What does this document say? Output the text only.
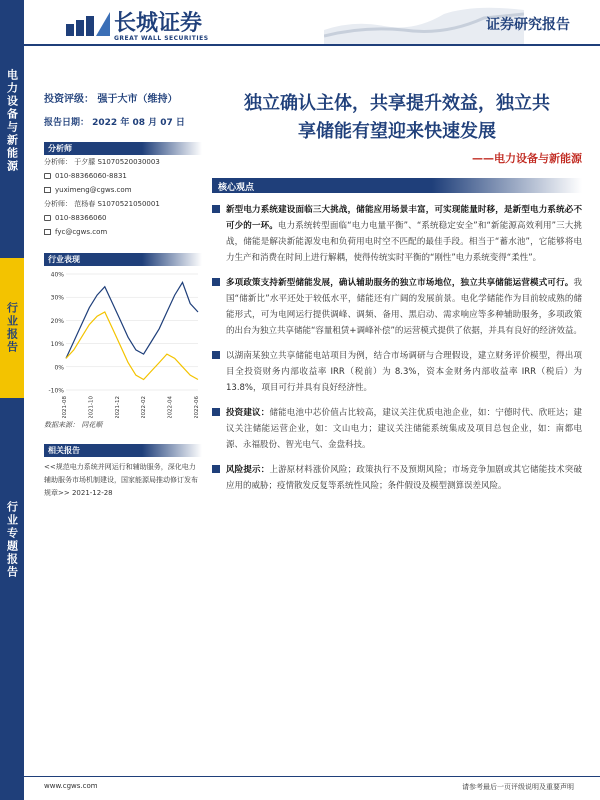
电力设备与新能源
行业报告
行业专题报告
长城证券
GREAT WALL SECURITIES
证券研究报告
投资评级： 强于大市（维持）
报告日期： 2022 年 08 月 07 日
分析师
分析师： 于夕朦 S1070520030003
010-88366060-8831
yuximeng@cgws.com
分析师： 范杨春 S1070521050001
010-88366060
fyc@cgws.com
行业表现
40%
30%
20%
10%
0%
-10%
2021-08	2021-10	2021-12	2022-02	2022-04	2022-06
数据来源： 同花顺
相关报告
<<规范电力系统并网运行和辅助服务，深化电力辅助服务市场机制建设，国家能源局推动修订发布规章>> 2021-12-28
独立确认主体，共享提升效益，独立共
享储能有望迎来快速发展
——电力设备与新能源
核心观点
新型电力系统建设面临三大挑战，储能应用场景丰富，可实现能量时移，是新型电力系统必不可少的一环。电力系统转型面临“电力电量平衡”、“系统稳定安全”和“新能源高效利用”三大挑战，储能是解决新能源发电和负荷用电时空不匹配的最佳手段。相当于“蓄水池”，它能够将电力生产和消费在时间上进行解耦，使得传统实时平衡的“刚性”电力系统变得“柔性”。
多项政策支持新型储能发展，确认辅助服务的独立市场地位，独立共享储能运营模式可行。我国“储新比”水平还处于较低水平，储能还有广阔的发展前景。电化学储能作为目前较成熟的储能形式，可为电网运行提供调峰、调频、备用、黑启动、需求响应等多种辅助服务，多项政策的出台为独立共享储能“容量租赁+调峰补偿”的运营模式提供了依据，并具有良好的经济效益。
以湖南某独立共享储能电站项目为例，结合市场调研与合理假设，建立财务评价模型，得出项目全投资财务内部收益率 IRR（税前）为 8.3%，资本金财务内部收益率 IRR（税后）为 13.8%，项目可行并具有良好经济性。
投资建议：储能电池中芯价值占比较高，建议关注优质电池企业，如：宁德时代、欣旺达；建议关注储能运营企业，如：文山电力；建议关注储能系统集成及项目总包企业，如：南都电源、永福股份、智光电气、金盘科技。
风险提示：上游原材料涨价风险；政策执行不及预期风险；市场竞争加剧或其它储能技术突破应用的威胁；疫情散发反复等系统性风险；条件假设及模型测算误差风险。
www.cgws.com	请参考最后一页评级说明及重要声明
